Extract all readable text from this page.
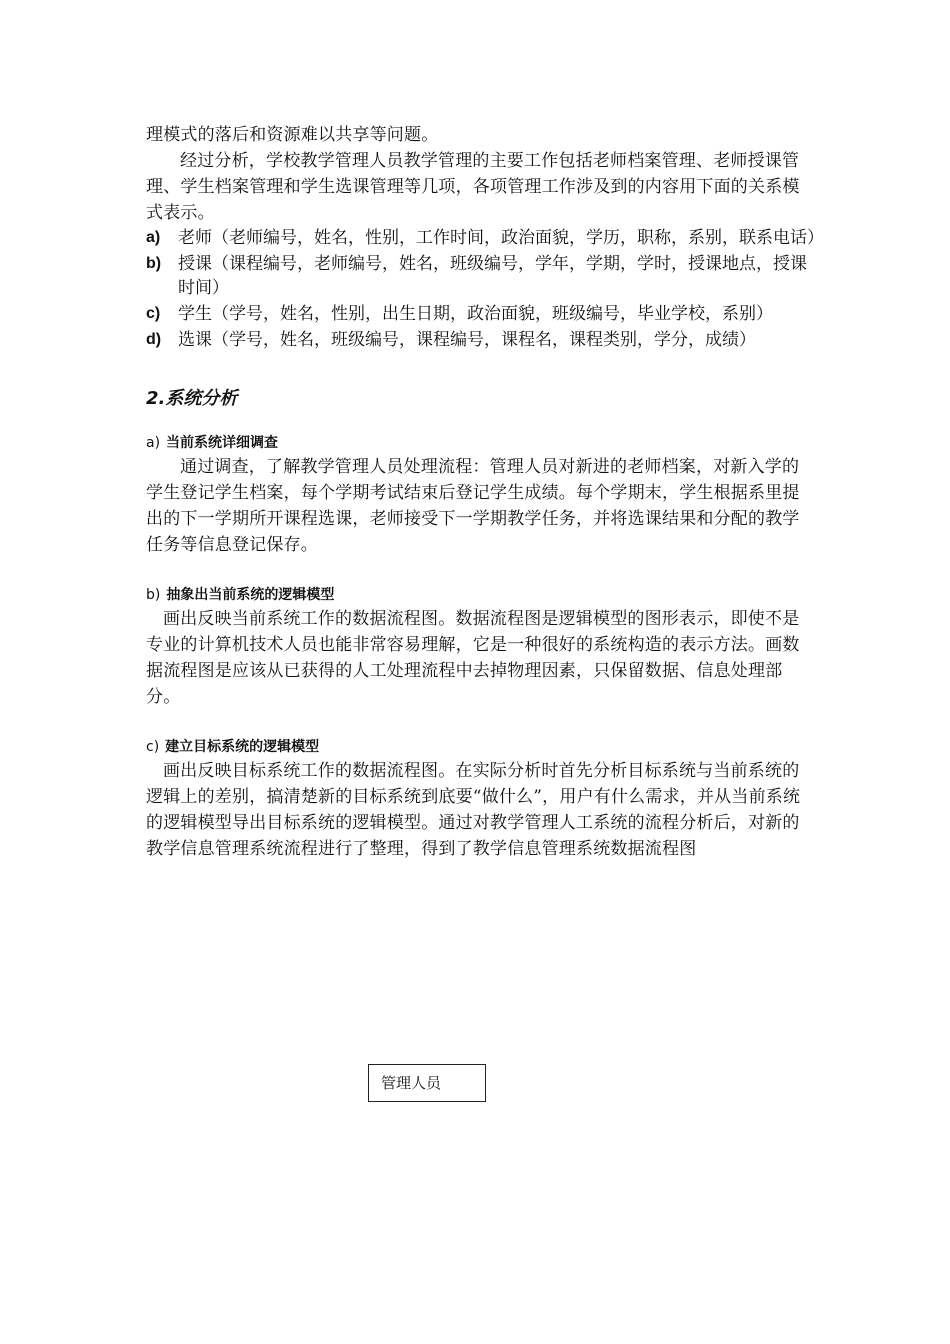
理模式的落后和资源难以共享等问题。

经过分析，学校教学管理人员教学管理的主要工作包括老师档案管理、老师授课管理、学生档案管理和学生选课管理等几项，各项管理工作涉及到的内容用下面的关系模式表示。

a)	老师（老师编号，姓名，性别，工作时间，政治面貌，学历，职称，系别，联系电话）
b) 授课（课程编号，老师编号，姓名，班级编号，学年，学期，学时，授课地点，授课时间）
c)	学生（学号，姓名，性别，出生日期，政治面貌，班级编号，毕业学校，系别）
d) 选课（学号，姓名，班级编号，课程编号，课程名，课程类别，学分，成绩）
2.系统分析
a) 当前系统详细调查

通过调查，了解教学管理人员处理流程：管理人员对新进的老师档案，对新入学的学生登记学生档案，每个学期考试结束后登记学生成绩。每个学期末，学生根据系里提出的下一学期所开课程选课，老师接受下一学期教学任务，并将选课结果和分配的教学任务等信息登记保存。

b) 抽象出当前系统的逻辑模型

画出反映当前系统工作的数据流程图。数据流程图是逻辑模型的图形表示，即使不是专业的计算机技术人员也能非常容易理解，它是一种很好的系统构造的表示方法。画数据流程图是应该从已获得的人工处理流程中去掉物理因素，只保留数据、信息处理部分。

c) 建立目标系统的逻辑模型

画出反映目标系统工作的数据流程图。在实际分析时首先分析目标系统与当前系统的逻辑上的差别，搞清楚新的目标系统到底要“做什么”，用户有什么需求，并从当前系统的逻辑模型导出目标系统的逻辑模型。通过对教学管理人工系统的流程分析后，对新的教学信息管理系统流程进行了整理，得到了教学信息管理系统数据流程图

管理人员
